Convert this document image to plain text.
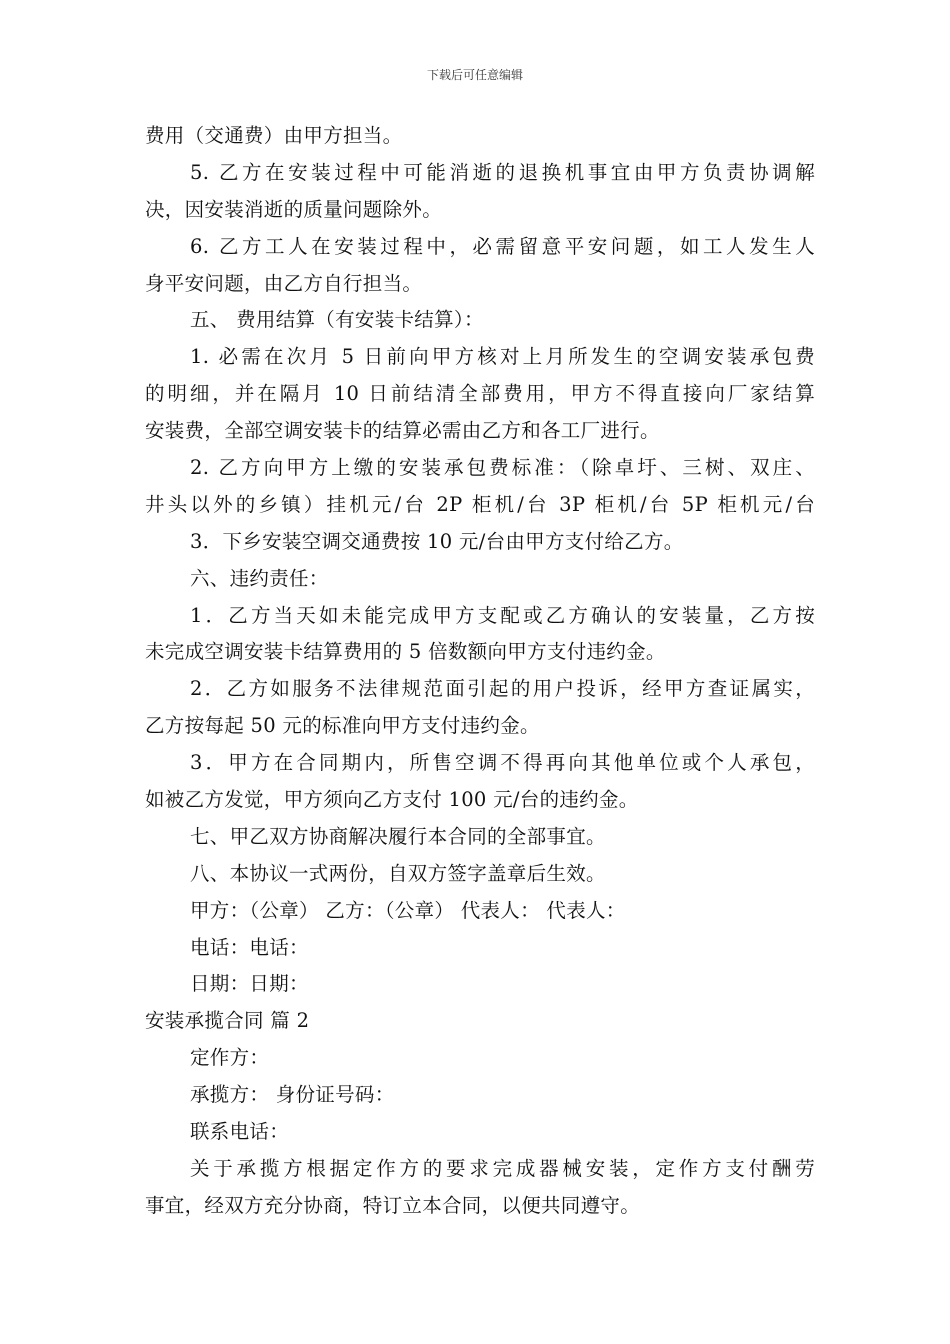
下载后可任意编辑
费用（交通费）由甲方担当。
5. 乙方在安装过程中可能消逝的退换机事宜由甲方负责协调解
决，因安装消逝的质量问题除外。
6. 乙方工人在安装过程中，必需留意平安问题，如工人发生人
身平安问题，由乙方自行担当。
五、 费用结算（有安装卡结算）：
1. 必需在次月 5 日前向甲方核对上月所发生的空调安装承包费
的明细，并在隔月 10 日前结清全部费用，甲方不得直接向厂家结算
安装费，全部空调安装卡的结算必需由乙方和各工厂进行。
2. 乙方向甲方上缴的安装承包费标准：（除卓圩、三树、双庄、
井头以外的乡镇）挂机元/台 2P 柜机/台 3P 柜机/台 5P 柜机元/台
3．下乡安装空调交通费按 10 元/台由甲方支付给乙方。
六、违约责任：
1．乙方当天如未能完成甲方支配或乙方确认的安装量，乙方按
未完成空调安装卡结算费用的 5 倍数额向甲方支付违约金。
2．乙方如服务不法律规范面引起的用户投诉，经甲方查证属实，
乙方按每起 50 元的标准向甲方支付违约金。
3．甲方在合同期内，所售空调不得再向其他单位或个人承包，
如被乙方发觉，甲方须向乙方支付 100 元/台的违约金。
七、甲乙双方协商解决履行本合同的全部事宜。
八、本协议一式两份，自双方签字盖章后生效。
甲方：（公章） 乙方：（公章） 代表人： 代表人：
电话：电话：
日期：日期：
安装承揽合同 篇 2
定作方：
承揽方： 身份证号码：
联系电话：
关于承揽方根据定作方的要求完成器械安装，定作方支付酬劳
事宜，经双方充分协商，特订立本合同，以便共同遵守。
